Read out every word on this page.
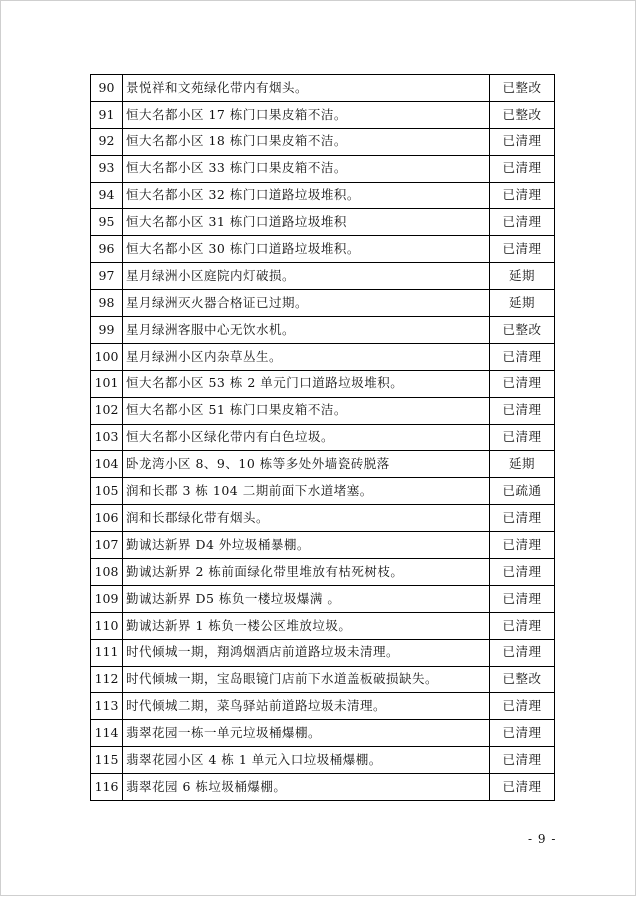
90	景悦祥和文苑绿化带内有烟头。	已整改
91	恒大名都小区 17 栋门口果皮箱不洁。	已整改
92	恒大名都小区 18 栋门口果皮箱不洁。	已清理
93	恒大名都小区 33 栋门口果皮箱不洁。	已清理
94	恒大名都小区 32 栋门口道路垃圾堆积。	已清理
95	恒大名都小区 31 栋门口道路垃圾堆积	已清理
96	恒大名都小区 30 栋门口道路垃圾堆积。	已清理
97	星月绿洲小区庭院内灯破损。	延期
98	星月绿洲灭火器合格证已过期。	延期
99	星月绿洲客服中心无饮水机。	已整改
100	星月绿洲小区内杂草丛生。	已清理
101	恒大名都小区 53 栋 2 单元门口道路垃圾堆积。	已清理
102	恒大名都小区 51 栋门口果皮箱不洁。	已清理
103	恒大名都小区绿化带内有白色垃圾。	已清理
104	卧龙湾小区 8、9、10 栋等多处外墙瓷砖脱落	延期
105	润和长郡 3 栋 104 二期前面下水道堵塞。	已疏通
106	润和长郡绿化带有烟头。	已清理
107	勤诚达新界 D4 外垃圾桶暴棚。	已清理
108	勤诚达新界 2 栋前面绿化带里堆放有枯死树枝。	已清理
109	勤诚达新界 D5 栋负一楼垃圾爆满 。	已清理
110	勤诚达新界 1 栋负一楼公区堆放垃圾。	已清理
111	时代倾城一期，翔鸿烟酒店前道路垃圾未清理。	已清理
112	时代倾城一期，宝岛眼镜门店前下水道盖板破损缺失。	已整改
113	时代倾城二期，菜鸟驿站前道路垃圾未清理。	已清理
114	翡翠花园一栋一单元垃圾桶爆棚。	已清理
115	翡翠花园小区 4 栋 1 单元入口垃圾桶爆棚。	已清理
116	翡翠花园 6 栋垃圾桶爆棚。	已清理
- 9 -
